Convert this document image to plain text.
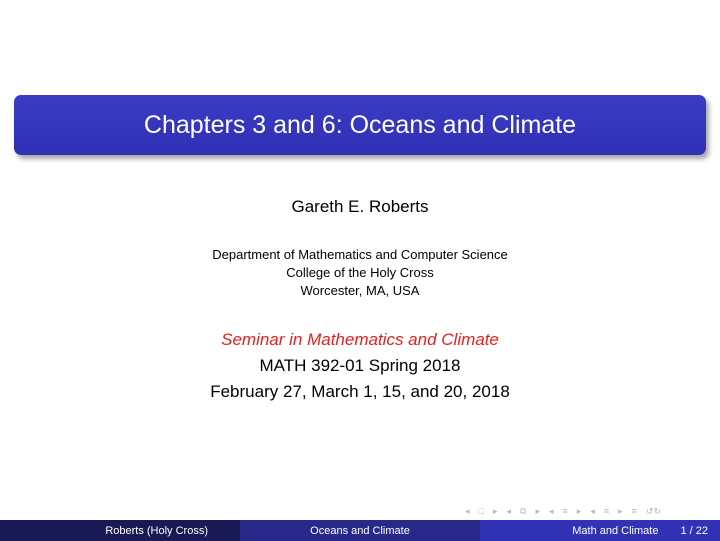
Chapters 3 and 6: Oceans and Climate
Gareth E. Roberts
Department of Mathematics and Computer Science
College of the Holy Cross
Worcester, MA, USA
Seminar in Mathematics and Climate
MATH 392-01 Spring 2018
February 27, March 1, 15, and 20, 2018
◂ □ ▸ ◂ ⧉ ▸ ◂ ≡ ▸ ◂ ≡ ▸ ≡ ↺↻
Roberts (Holy Cross)	Oceans and Climate	Math and Climate 1 / 22
